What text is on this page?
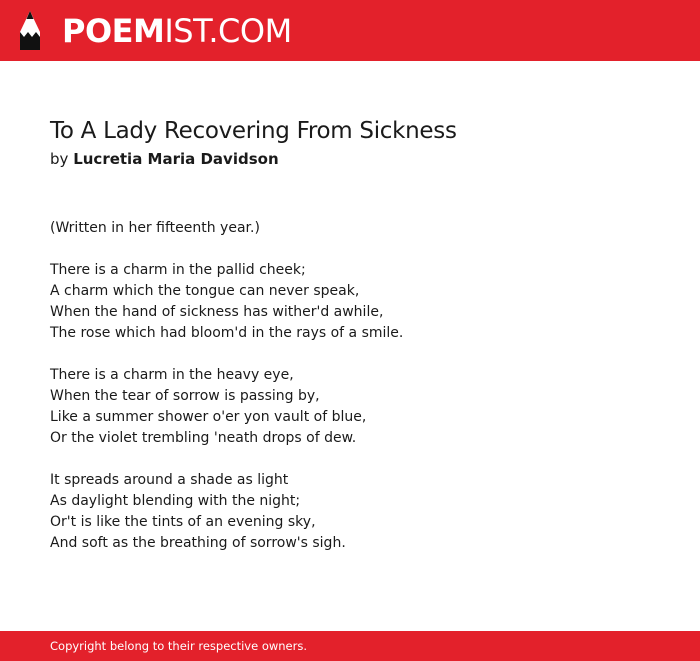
POEMIST.COM
To A Lady Recovering From Sickness
by Lucretia Maria Davidson
(Written in her fifteenth year.)
There is a charm in the pallid cheek;
A charm which the tongue can never speak,
When the hand of sickness has wither'd awhile,
The rose which had bloom'd in the rays of a smile.
There is a charm in the heavy eye,
When the tear of sorrow is passing by,
Like a summer shower o'er yon vault of blue,
Or the violet trembling 'neath drops of dew.
It spreads around a shade as light
As daylight blending with the night;
Or't is like the tints of an evening sky,
And soft as the breathing of sorrow's sigh.
Copyright belong to their respective owners.
